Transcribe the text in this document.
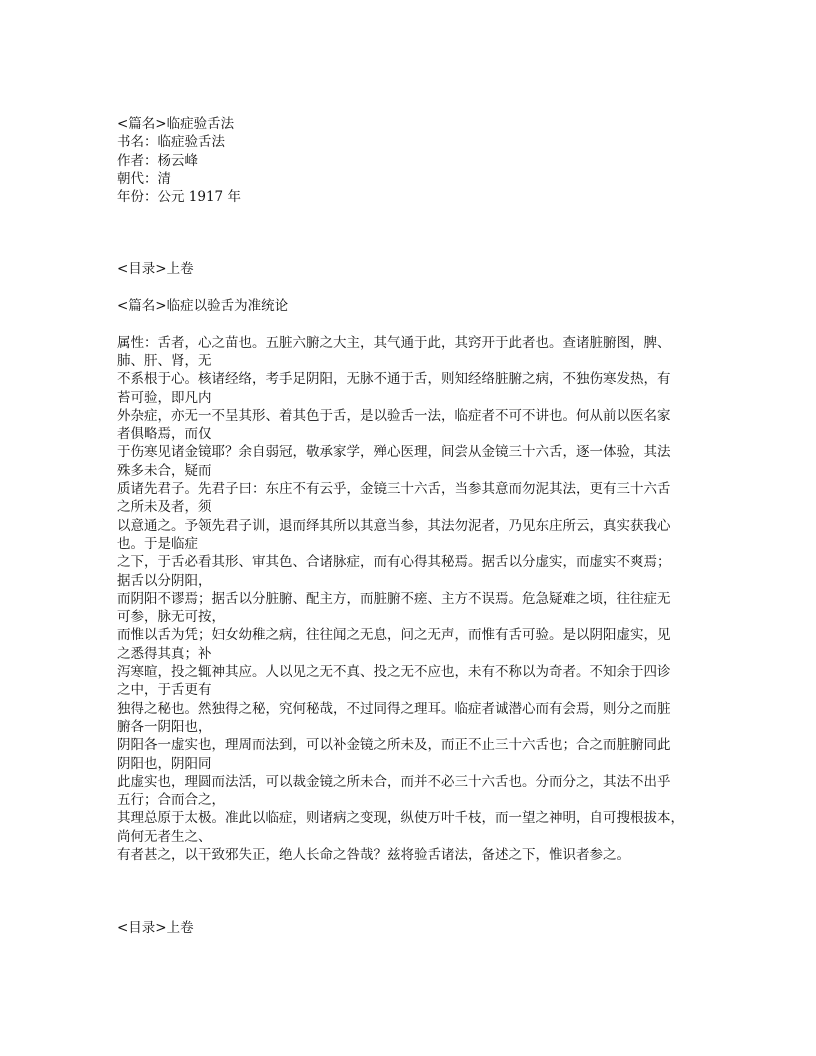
<篇名>临症验舌法

书名：临症验舌法

作者：杨云峰

朝代：清

年份：公元 1917 年

<目录>上卷

<篇名>临症以验舌为准统论

属性：舌者，心之苗也。五脏六腑之大主，其气通于此，其窍开于此者也。查诸脏腑图，脾、

肺、肝、肾，无

不系根于心。核诸经络，考手足阴阳，无脉不通于舌，则知经络脏腑之病，不独伤寒发热，有

苔可验，即凡内

外杂症，亦无一不呈其形、着其色于舌，是以验舌一法，临症者不可不讲也。何从前以医名家

者俱略焉，而仅

于伤寒见诸金镜耶？余自弱冠，敬承家学，殚心医理，间尝从金镜三十六舌，逐一体验，其法

殊多未合，疑而

质诸先君子。先君子曰：东庄不有云乎，金镜三十六舌，当参其意而勿泥其法，更有三十六舌

之所未及者，须

以意通之。予领先君子训，退而绎其所以其意当参，其法勿泥者，乃见东庄所云，真实获我心

也。于是临症

之下，于舌必看其形、审其色、合诸脉症，而有心得其秘焉。据舌以分虚实，而虚实不爽焉；

据舌以分阴阳，

而阴阳不谬焉；据舌以分脏腑、配主方，而脏腑不瘥、主方不误焉。危急疑难之顷，往往症无

可参，脉无可按，

而惟以舌为凭；妇女幼稚之病，往往闻之无息，问之无声，而惟有舌可验。是以阴阳虚实，见

之悉得其真；补

泻寒暄，投之辄神其应。人以见之无不真、投之无不应也，未有不称以为奇者。不知余于四诊

之中，于舌更有

独得之秘也。然独得之秘，究何秘哉，不过同得之理耳。临症者诚潜心而有会焉，则分之而脏

腑各一阴阳也，

阴阳各一虚实也，理周而法到，可以补金镜之所未及，而正不止三十六舌也；合之而脏腑同此

阴阳也，阴阳同

此虚实也，理圆而法活，可以裁金镜之所未合，而并不必三十六舌也。分而分之，其法不出乎

五行；合而合之，

其理总原于太极。准此以临症，则诸病之变现，纵使万叶千枝，而一望之神明，自可搜根拔本，

尚何无者生之、

有者甚之，以干致邪失正，绝人长命之咎哉？兹将验舌诸法，备述之下，惟识者参之。

<目录>上卷
